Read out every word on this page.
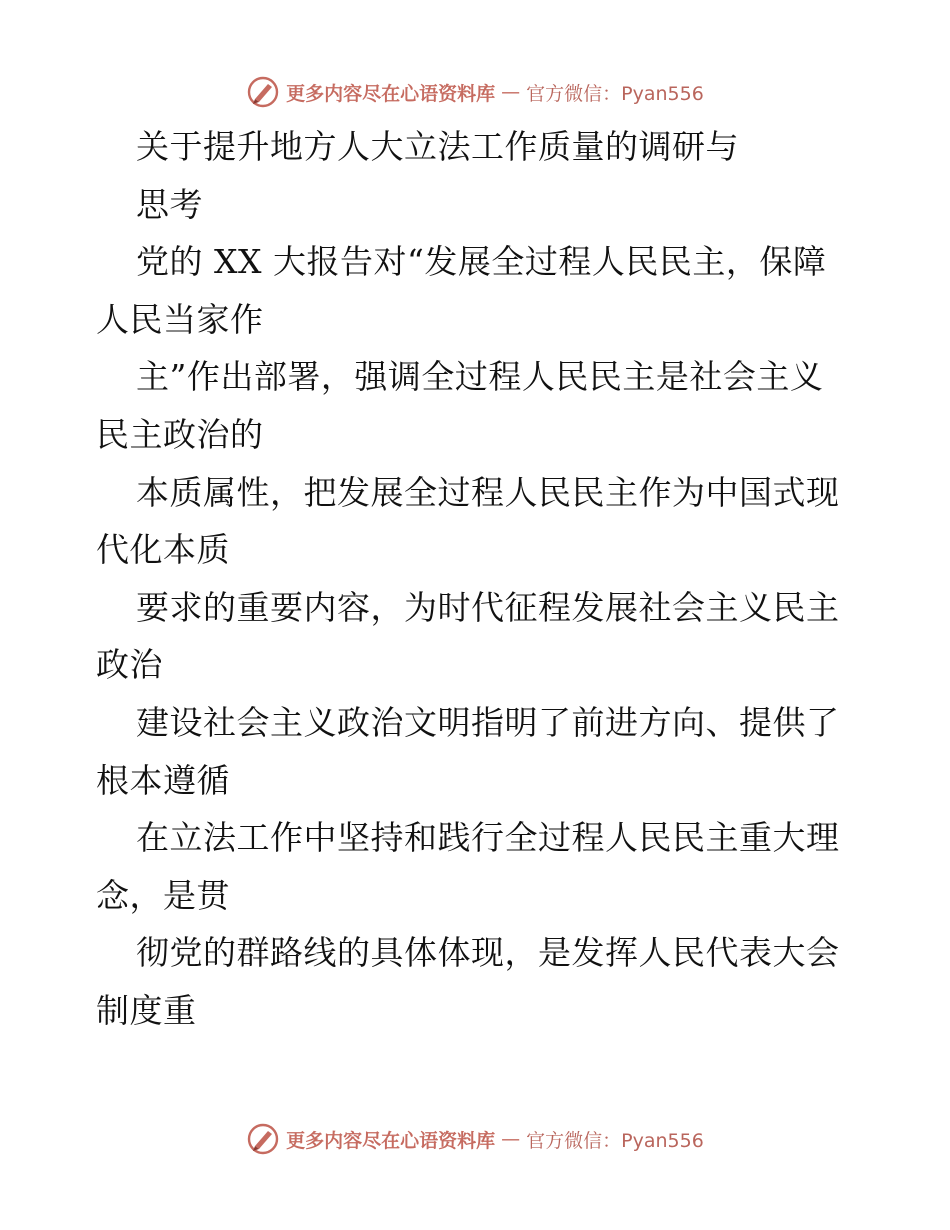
更多内容尽在心语资料库 — 官方微信：Pyan556
关于提升地方人大立法工作质量的调研与
思考
党的 XX 大报告对“发展全过程人民民主，保障
人民当家作
主”作出部署，强调全过程人民民主是社会主义
民主政治的
本质属性，把发展全过程人民民主作为中国式现
代化本质
要求的重要内容，为时代征程发展社会主义民主
政治
建设社会主义政治文明指明了前进方向、提供了
根本遵循
在立法工作中坚持和践行全过程人民民主重大理
念，是贯
彻党的群路线的具体体现，是发挥人民代表大会
制度重
更多内容尽在心语资料库 — 官方微信：Pyan556
